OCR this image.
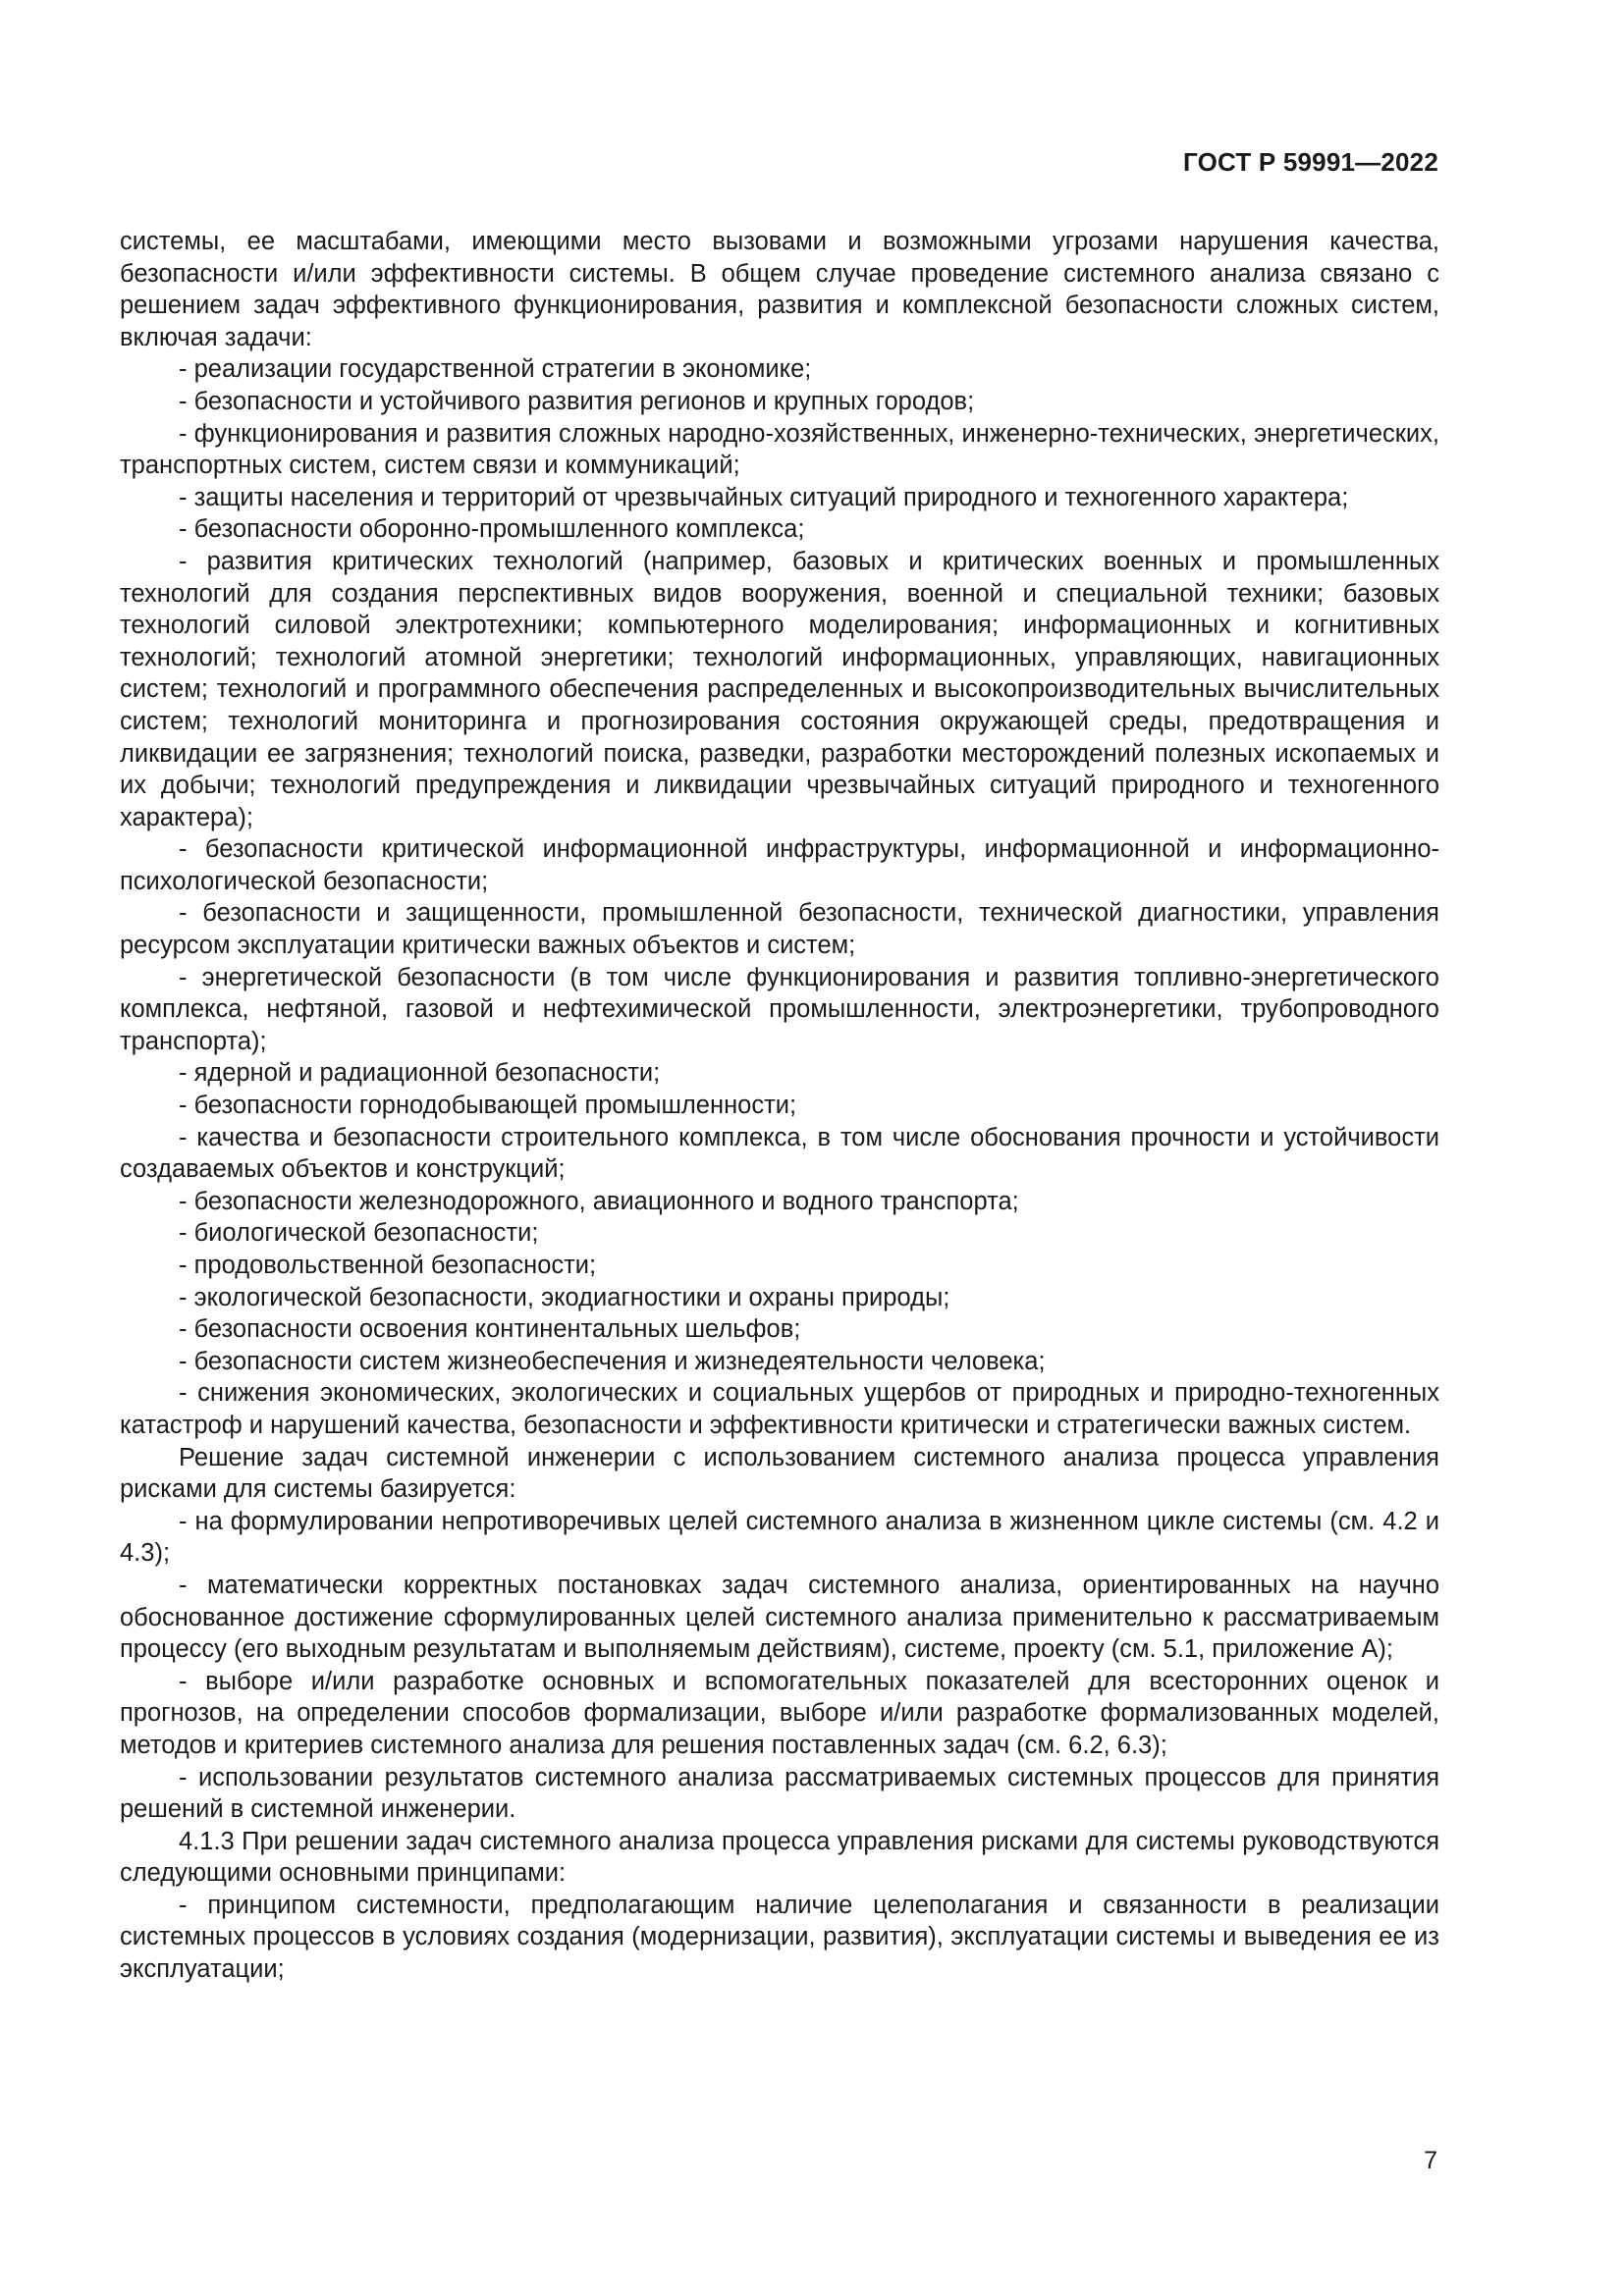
ГОСТ Р 59991—2022

системы, ее масштабами, имеющими место вызовами и возможными угрозами нарушения качества, безопасности и/или эффективности системы. В общем случае проведение системного анализа связано с решением задач эффективного функционирования, развития и комплексной безопасности сложных систем, включая задачи:

- реализации государственной стратегии в экономике;

- безопасности и устойчивого развития регионов и крупных городов;

- функционирования и развития сложных народно-хозяйственных, инженерно-технических, энергетических, транспортных систем, систем связи и коммуникаций;

- защиты населения и территорий от чрезвычайных ситуаций природного и техногенного характера;

- безопасности оборонно-промышленного комплекса;

- развития критических технологий (например, базовых и критических военных и промышленных технологий для создания перспективных видов вооружения, военной и специальной техники; базовых технологий силовой электротехники; компьютерного моделирования; информационных и когнитивных технологий; технологий атомной энергетики; технологий информационных, управляющих, навигационных систем; технологий и программного обеспечения распределенных и высокопроизводительных вычислительных систем; технологий мониторинга и прогнозирования состояния окружающей среды, предотвращения и ликвидации ее загрязнения; технологий поиска, разведки, разработки месторождений полезных ископаемых и их добычи; технологий предупреждения и ликвидации чрезвычайных ситуаций природного и техногенного характера);

- безопасности критической информационной инфраструктуры, информационной и информационно-психологической безопасности;

- безопасности и защищенности, промышленной безопасности, технической диагностики, управления ресурсом эксплуатации критически важных объектов и систем;

- энергетической безопасности (в том числе функционирования и развития топливно-энергетического комплекса, нефтяной, газовой и нефтехимической промышленности, электроэнергетики, трубопроводного транспорта);

- ядерной и радиационной безопасности;

- безопасности горнодобывающей промышленности;

- качества и безопасности строительного комплекса, в том числе обоснования прочности и устойчивости создаваемых объектов и конструкций;

- безопасности железнодорожного, авиационного и водного транспорта;

- биологической безопасности;

- продовольственной безопасности;

- экологической безопасности, экодиагностики и охраны природы;

- безопасности освоения континентальных шельфов;

- безопасности систем жизнеобеспечения и жизнедеятельности человека;

- снижения экономических, экологических и социальных ущербов от природных и природно-техногенных катастроф и нарушений качества, безопасности и эффективности критически и стратегически важных систем.

Решение задач системной инженерии с использованием системного анализа процесса управления рисками для системы базируется:

- на формулировании непротиворечивых целей системного анализа в жизненном цикле системы (см. 4.2 и 4.3);

- математически корректных постановках задач системного анализа, ориентированных на научно обоснованное достижение сформулированных целей системного анализа применительно к рассматриваемым процессу (его выходным результатам и выполняемым действиям), системе, проекту (см. 5.1, приложение А);

- выборе и/или разработке основных и вспомогательных показателей для всесторонних оценок и прогнозов, на определении способов формализации, выборе и/или разработке формализованных моделей, методов и критериев системного анализа для решения поставленных задач (см. 6.2, 6.3);

- использовании результатов системного анализа рассматриваемых системных процессов для принятия решений в системной инженерии.

4.1.3 При решении задач системного анализа процесса управления рисками для системы руководствуются следующими основными принципами:

- принципом системности, предполагающим наличие целеполагания и связанности в реализации системных процессов в условиях создания (модернизации, развития), эксплуатации системы и выведения ее из эксплуатации;

7
